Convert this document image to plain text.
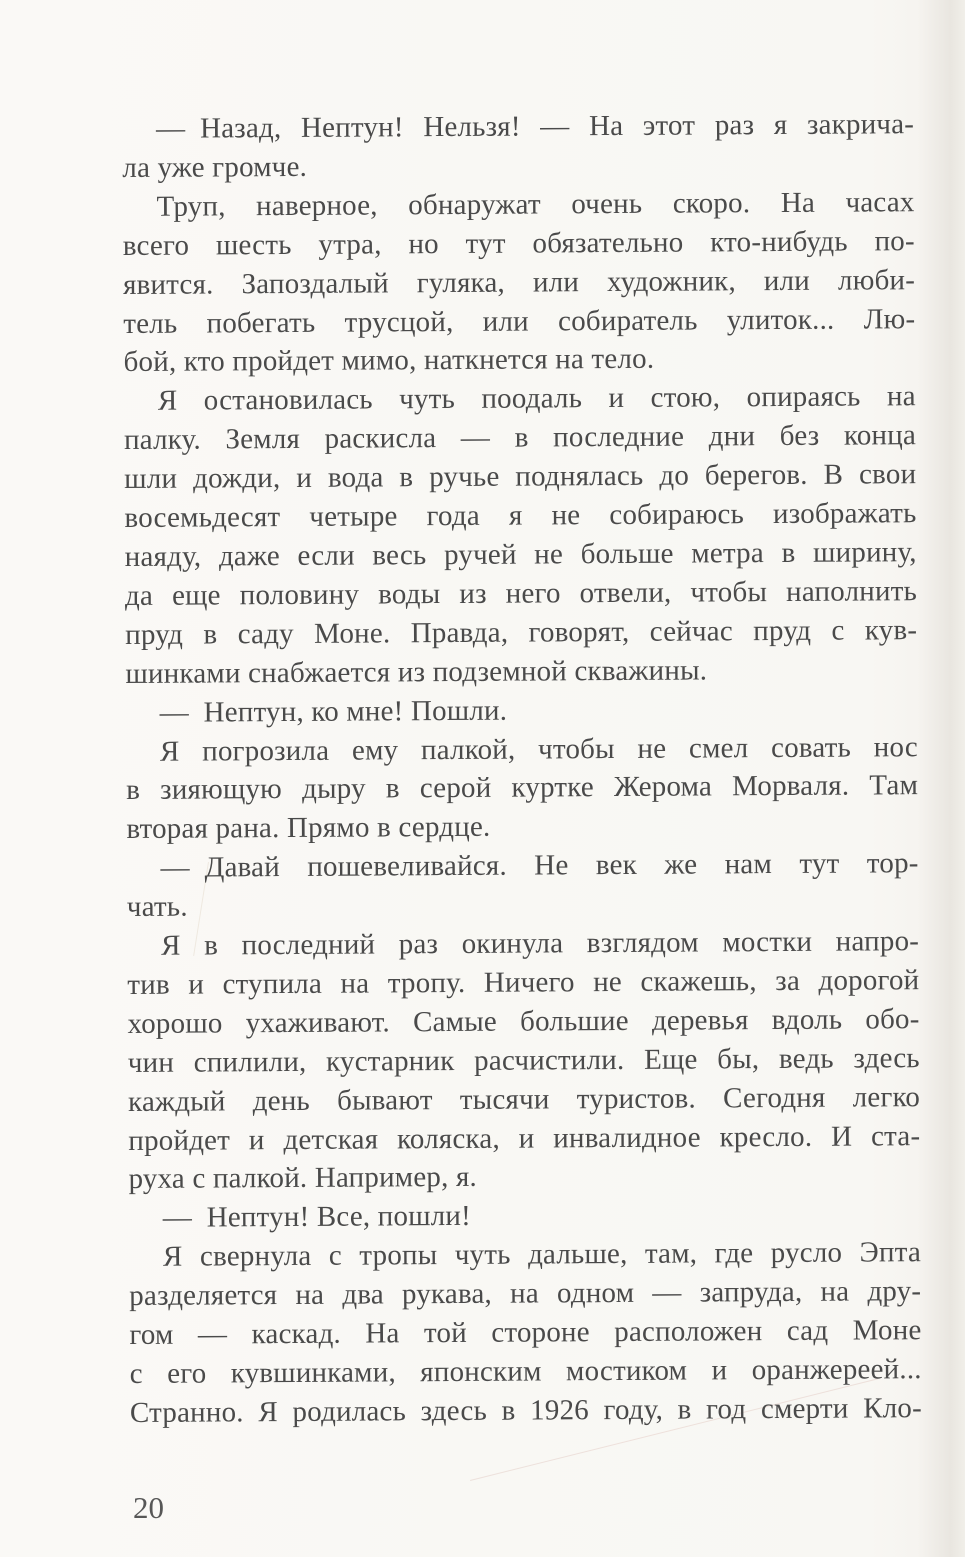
— Назад, Нептун! Нельзя! — На этот раз я закрича-
ла уже громче.
Труп, наверное, обнаружат очень скоро. На часах
всего шесть утра, но тут обязательно кто-нибудь по-
явится. Запоздалый гуляка, или художник, или люби-
тель побегать трусцой, или собиратель улиток... Лю-
бой, кто пройдет мимо, наткнется на тело.
Я остановилась чуть поодаль и стою, опираясь на
палку. Земля раскисла — в последние дни без конца
шли дожди, и вода в ручье поднялась до берегов. В свои
восемьдесят четыре года я не собираюсь изображать
наяду, даже если весь ручей не больше метра в ширину,
да еще половину воды из него отвели, чтобы наполнить
пруд в саду Моне. Правда, говорят, сейчас пруд с кув-
шинками снабжается из подземной скважины.
— Нептун, ко мне! Пошли.
Я погрозила ему палкой, чтобы не смел совать нос
в зияющую дыру в серой куртке Жерома Морваля. Там
вторая рана. Прямо в сердце.
— Давай пошевеливайся. Не век же нам тут тор-
чать.
Я в последний раз окинула взглядом мостки напро-
тив и ступила на тропу. Ничего не скажешь, за дорогой
хорошо ухаживают. Самые большие деревья вдоль обо-
чин спилили, кустарник расчистили. Еще бы, ведь здесь
каждый день бывают тысячи туристов. Сегодня легко
пройдет и детская коляска, и инвалидное кресло. И ста-
руха с палкой. Например, я.
— Нептун! Все, пошли!
Я свернула с тропы чуть дальше, там, где русло Эпта
разделяется на два рукава, на одном — запруда, на дру-
гом — каскад. На той стороне расположен сад Моне
с его кувшинками, японским мостиком и оранжереей...
Странно. Я родилась здесь в 1926 году, в год смерти Кло-
20
